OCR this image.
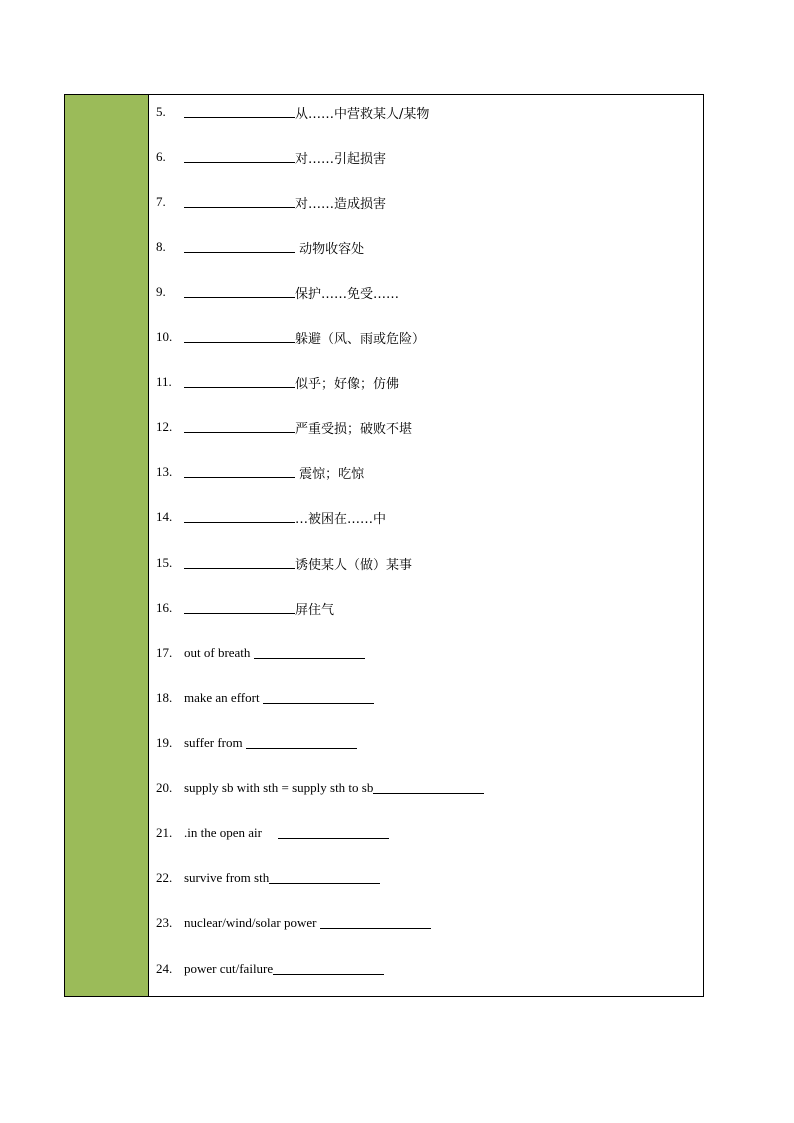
5.	从……中营救某人/某物
6.	对……引起损害
7.	对……造成损害
8.	动物收容处
9.	保护……免受……
10.	躲避（风、雨或危险）
11.	似乎；好像；仿佛
12.	严重受损；破败不堪
13.	震惊；吃惊
14.	…被困在……中
15.	诱使某人（做）某事
16.	屏住气
17. out of breath
18. make an effort
19. suffer from
20. supply sb with sth = supply sth to sb
21. .in the open air
22. survive from sth
23. nuclear/wind/solar power
24. power cut/failure
